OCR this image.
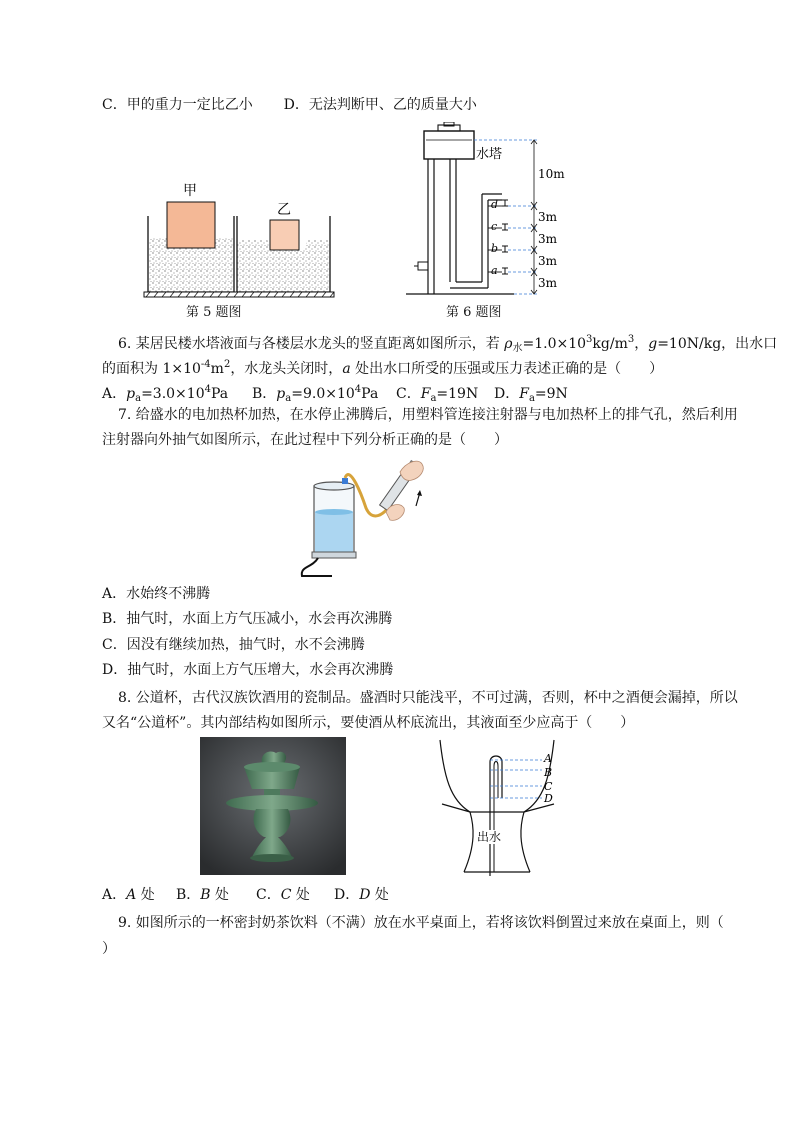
C．甲的重力一定比乙小 D．无法判断甲、乙的质量大小
甲
乙
第 5 题图
水塔
10m
3m
3m
3m
3m
d
c
b
a
第 6 题图
6. 某居民楼水塔液面与各楼层水龙头的竖直距离如图所示，若 $\rho_水=1.0\times 10^3kg/m^3$，g=10N/kg，出水口
的面积为 $1\times 10^{-4}m^2$，水龙头关闭时，a 处出水口所受的压强或压力表述正确的是（　　）
A．$p_a=3.0\times 10^4Pa$ B．$p_a=9.0\times 10^4Pa$ C．$F_a=19N$ D．$F_a=9N$
7. 给盛水的电加热杯加热，在水停止沸腾后，用塑料管连接注射器与电加热杯上的排气孔，然后利用
注射器向外抽气如图所示，在此过程中下列分析正确的是（　　）
A．水始终不沸腾
B．抽气时，水面上方气压减小，水会再次沸腾
C．因没有继续加热，抽气时，水不会沸腾
D．抽气时，水面上方气压增大，水会再次沸腾
8. 公道杯，古代汉族饮酒用的瓷制品。盛酒时只能浅平，不可过满，否则，杯中之酒便会漏掉，所以
又名“公道杯”。其内部结构如图所示，要使酒从杯底流出，其液面至少应高于（　　）
A
B
C
D
出水
A．A 处 B．B 处 C．C 处 D．D 处
9. 如图所示的一杯密封奶茶饮料（不满）放在水平桌面上，若将该饮料倒置过来放在桌面上，则（
）
